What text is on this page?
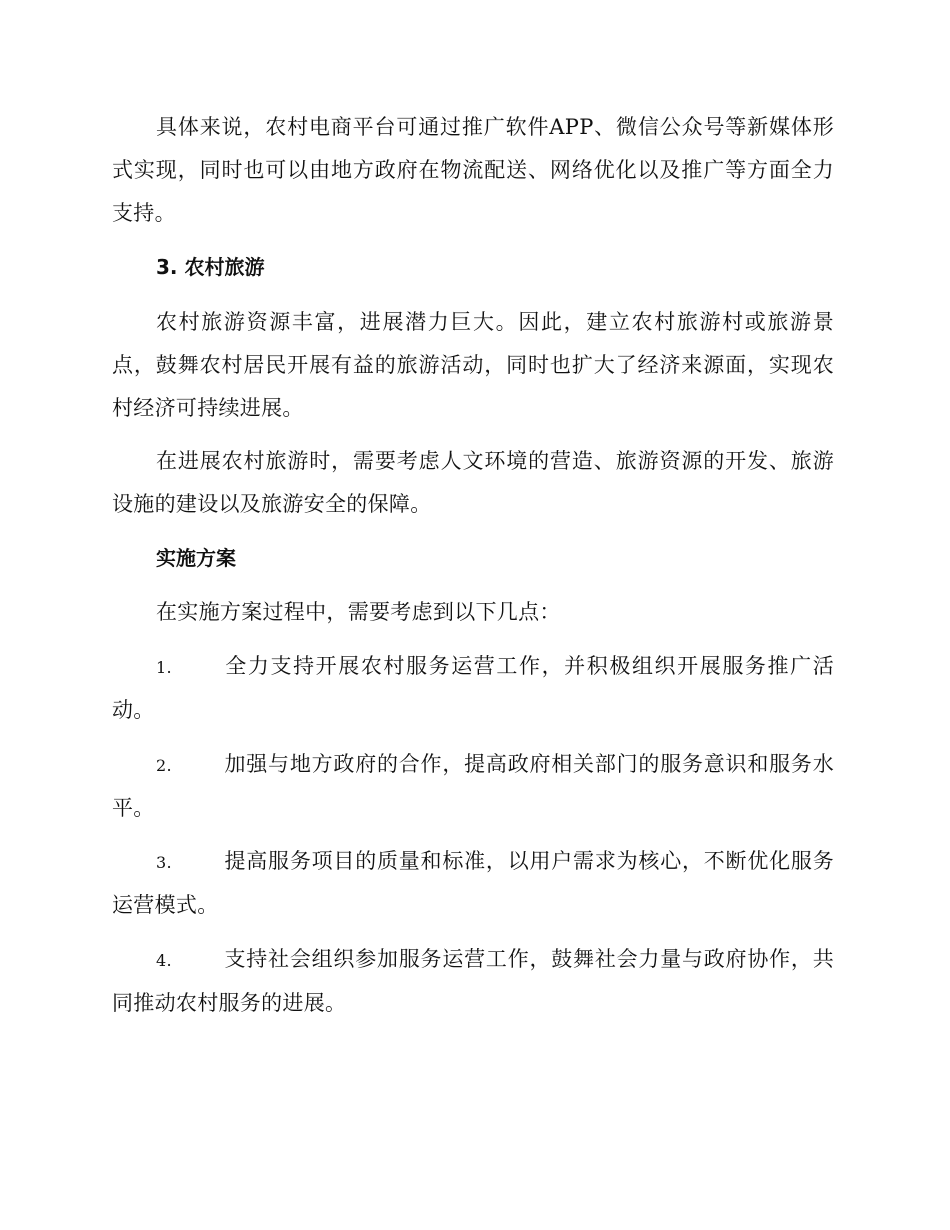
具体来说，农村电商平台可通过推广软件APP、微信公众号等新媒体形式实现，同时也可以由地方政府在物流配送、网络优化以及推广等方面全力支持。

3. 农村旅游

农村旅游资源丰富，进展潜力巨大。因此，建立农村旅游村或旅游景点，鼓舞农村居民开展有益的旅游活动，同时也扩大了经济来源面，实现农村经济可持续进展。

在进展农村旅游时，需要考虑人文环境的营造、旅游资源的开发、旅游设施的建设以及旅游安全的保障。

实施方案

在实施方案过程中，需要考虑到以下几点：

1. 全力支持开展农村服务运营工作，并积极组织开展服务推广活动。

2. 加强与地方政府的合作，提高政府相关部门的服务意识和服务水平。

3. 提高服务项目的质量和标准，以用户需求为核心，不断优化服务运营模式。

4. 支持社会组织参加服务运营工作，鼓舞社会力量与政府协作，共同推动农村服务的进展。
